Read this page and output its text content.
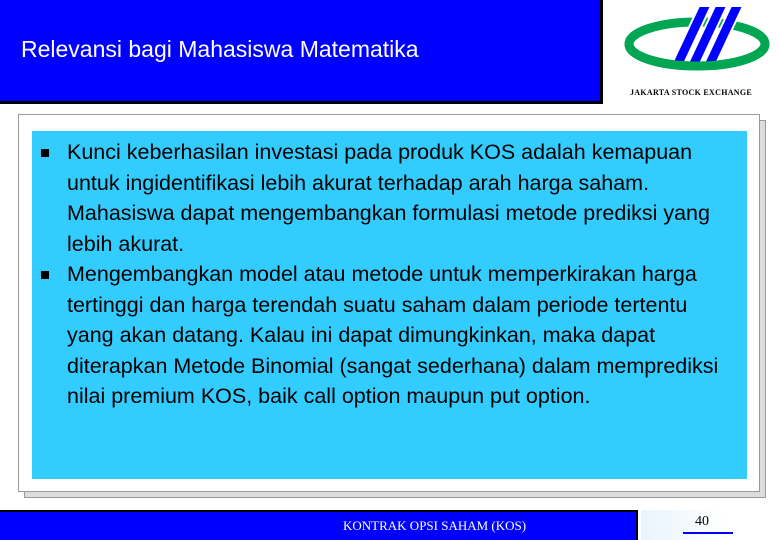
Relevansi bagi Mahasiswa Matematika
JAKARTA STOCK EXCHANGE
Kunci keberhasilan investasi pada produk KOS adalah kemapuan untuk ingidentifikasi lebih akurat terhadap arah harga saham. Mahasiswa dapat mengembangkan formulasi metode prediksi yang lebih akurat.
Mengembangkan model atau metode untuk memperkirakan harga tertinggi dan harga terendah suatu saham dalam periode tertentu yang akan datang. Kalau ini dapat dimungkinkan, maka dapat diterapkan Metode Binomial (sangat sederhana) dalam memprediksi nilai premium KOS, baik call option maupun put option.
KONTRAK OPSI SAHAM (KOS)	40
